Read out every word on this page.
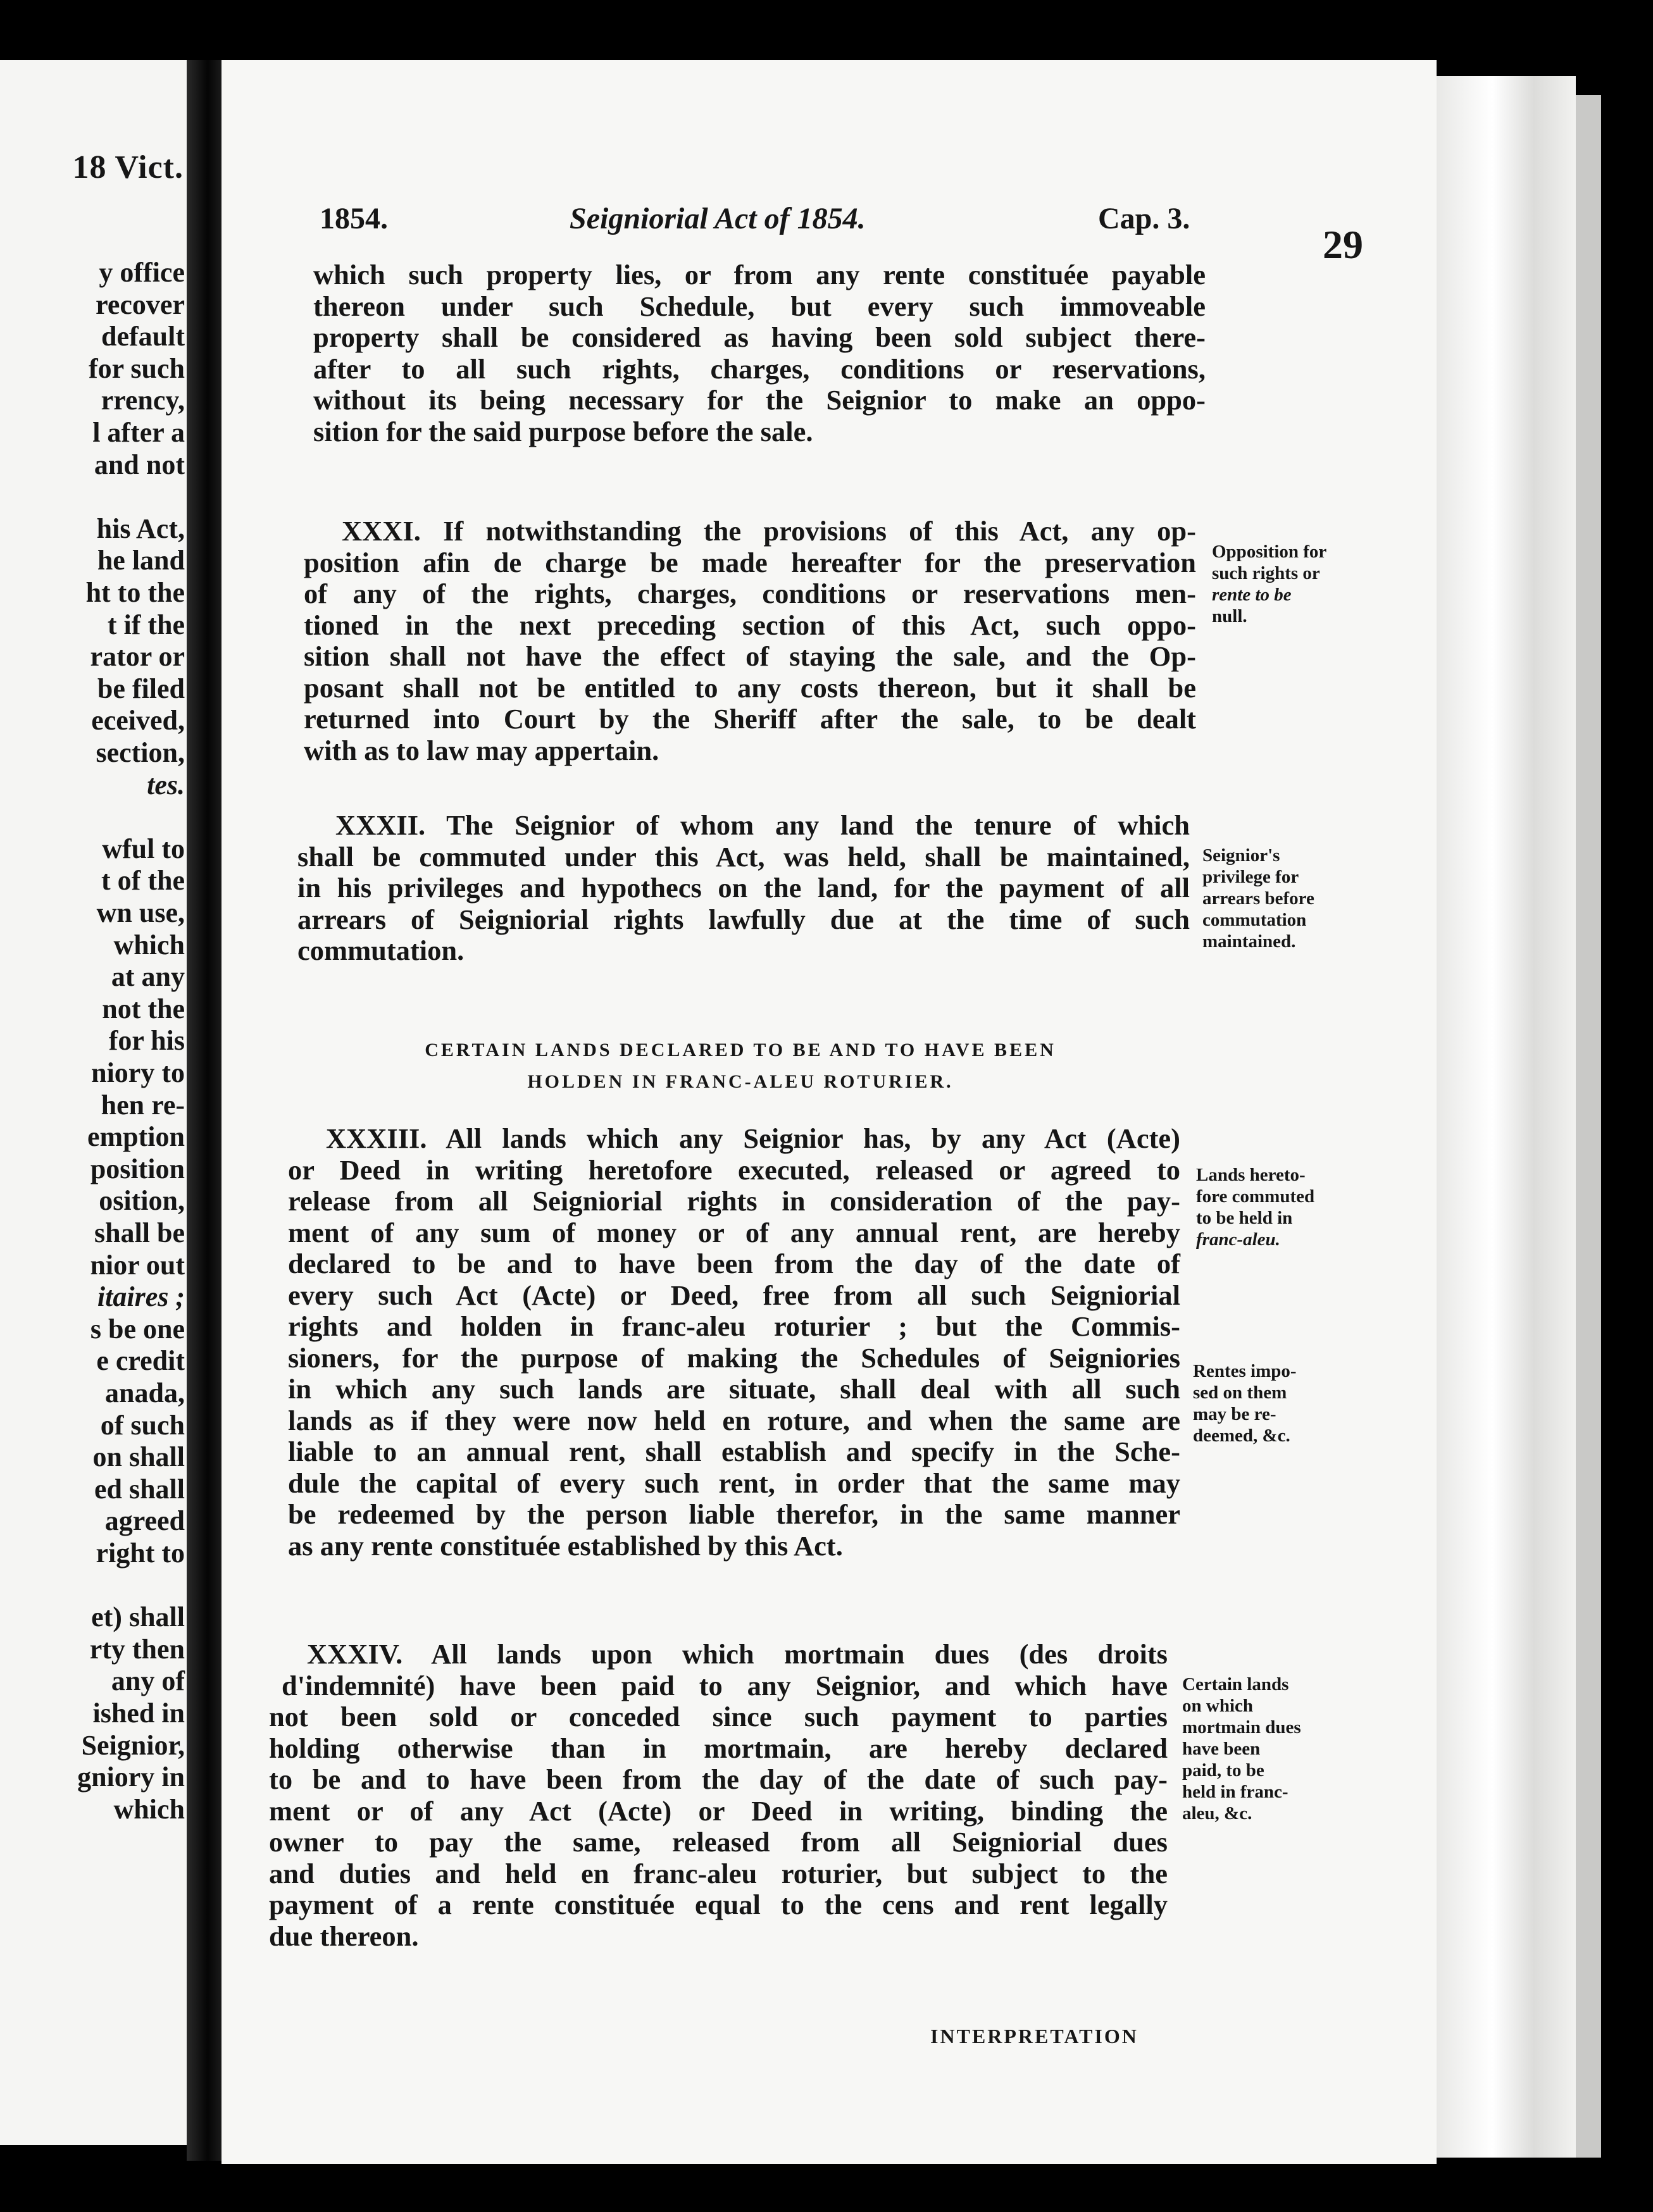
18 Vict.
y office
recover
default
for such
rrency,
l after a
and not
his Act,
he land
ht to the
t if the
rator or
be filed
eceived,
section,
tes.
wful to
t of the
wn use,
which
at any
not the
for his
niory to
hen re-
emption
position
osition,
shall be
nior out
itaires ;
s be one
e credit
anada,
of such
on shall
ed shall
agreed
right to
et) shall
rty then
any of
ished in
Seignior,
gniory in
which
1854.	Seigniorial Act of 1854.	Cap. 3.
29
which such property lies, or from any rente constituée payable
thereon under such Schedule, but every such immoveable
property shall be considered as having been sold subject there-
after to all such rights, charges, conditions or reservations,
without its being necessary for the Seignior to make an oppo-
sition for the said purpose before the sale.
XXXI. If notwithstanding the provisions of this Act, any op-
position afin de charge be made hereafter for the preservation
of any of the rights, charges, conditions or reservations men-
tioned in the next preceding section of this Act, such oppo-
sition shall not have the effect of staying the sale, and the Op-
posant shall not be entitled to any costs thereon, but it shall be
returned into Court by the Sheriff after the sale, to be dealt
with as to law may appertain.
Opposition for
such rights or
rente to be
null.
XXXII. The Seignior of whom any land the tenure of which
shall be commuted under this Act, was held, shall be maintained,
in his privileges and hypothecs on the land, for the payment of all
arrears of Seigniorial rights lawfully due at the time of such
commutation.
Seignior's
privilege for
arrears before
commutation
maintained.
CERTAIN LANDS DECLARED TO BE AND TO HAVE BEEN
HOLDEN IN FRANC-ALEU ROTURIER.
XXXIII. All lands which any Seignior has, by any Act (Acte)
or Deed in writing heretofore executed, released or agreed to
release from all Seigniorial rights in consideration of the pay-
ment of any sum of money or of any annual rent, are hereby
declared to be and to have been from the day of the date of
every such Act (Acte) or Deed, free from all such Seigniorial
rights and holden in franc-aleu roturier ; but the Commis-
sioners, for the purpose of making the Schedules of Seigniories
in which any such lands are situate, shall deal with all such
lands as if they were now held en roture, and when the same are
liable to an annual rent, shall establish and specify in the Sche-
dule the capital of every such rent, in order that the same may
be redeemed by the person liable therefor, in the same manner
as any rente constituée established by this Act.
Lands hereto-
fore commuted
to be held in
franc-aleu.
Rentes impo-
sed on them
may be re-
deemed, &c.
XXXIV. All lands upon which mortmain dues (des droits
d'indemnité) have been paid to any Seignior, and which have
not been sold or conceded since such payment to parties
holding otherwise than in mortmain, are hereby declared
to be and to have been from the day of the date of such pay-
ment or of any Act (Acte) or Deed in writing, binding the
owner to pay the same, released from all Seigniorial dues
and duties and held en franc-aleu roturier, but subject to the
payment of a rente constituée equal to the cens and rent legally
due thereon.
Certain lands
on which
mortmain dues
have been
paid, to be
held in franc-
aleu, &c.
INTERPRETATION
